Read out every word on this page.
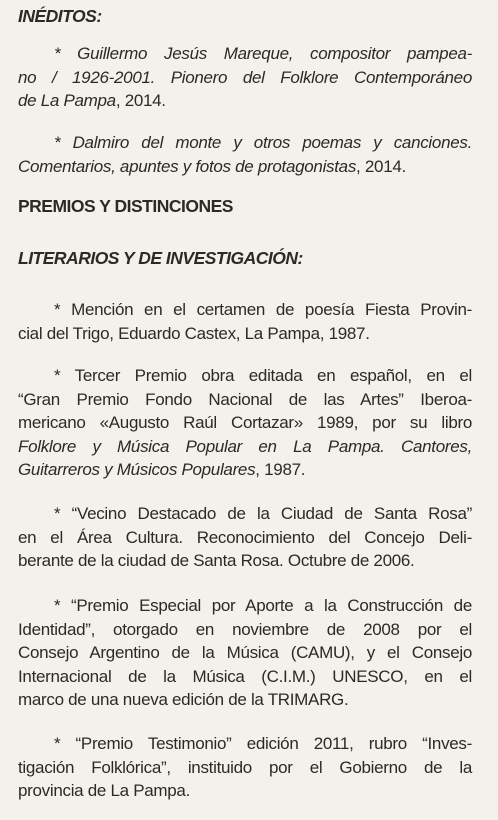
INÉDITOS:

* Guillermo Jesús Mareque, compositor pampea-
no / 1926-2001. Pionero del Folklore Contemporáneo
de La Pampa, 2014.

* Dalmiro del monte y otros poemas y canciones.
Comentarios, apuntes y fotos de protagonistas, 2014.

PREMIOS Y DISTINCIONES
LITERARIOS Y DE INVESTIGACIÓN:

* Mención en el certamen de poesía Fiesta Provin-
cial del Trigo, Eduardo Castex, La Pampa, 1987.

* Tercer Premio obra editada en español, en el
“Gran Premio Fondo Nacional de las Artes” Iberoa-
mericano «Augusto Raúl Cortazar» 1989, por su libro
Folklore y Música Popular en La Pampa. Cantores,
Guitarreros y Músicos Populares, 1987.

* “Vecino Destacado de la Ciudad de Santa Rosa”
en el Área Cultura. Reconocimiento del Concejo Deli-
berante de la ciudad de Santa Rosa. Octubre de 2006.

* “Premio Especial por Aporte a la Construcción de
Identidad”, otorgado en noviembre de 2008 por el
Consejo Argentino de la Música (CAMU), y el Consejo
Internacional de la Música (C.I.M.) UNESCO, en el
marco de una nueva edición de la TRIMARG.

* “Premio Testimonio” edición 2011, rubro “Inves-
tigación Folklórica”, instituido por el Gobierno de la
provincia de La Pampa.
